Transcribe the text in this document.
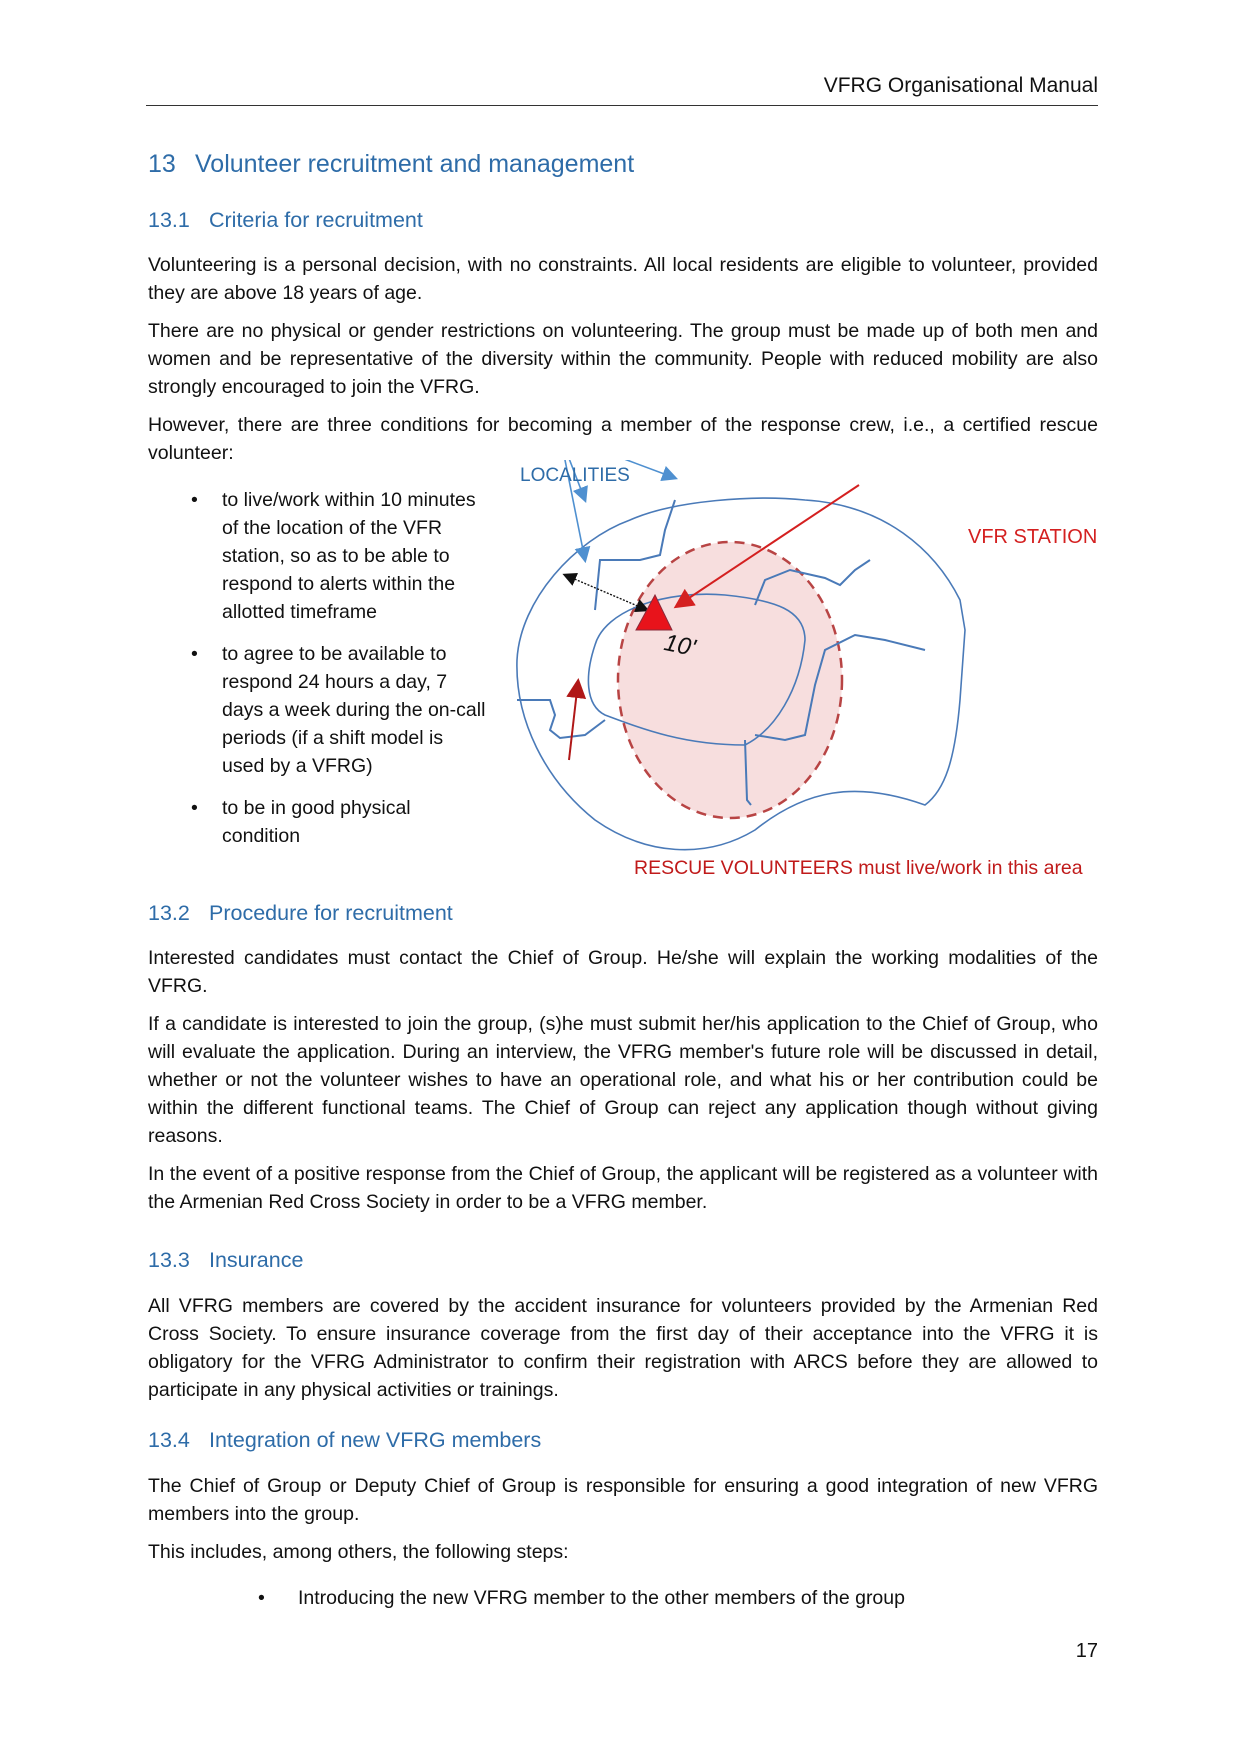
VFRG Organisational Manual
13 Volunteer recruitment and management
13.1 Criteria for recruitment
Volunteering is a personal decision, with no constraints. All local residents are eligible to volunteer, provided they are above 18 years of age.
There are no physical or gender restrictions on volunteering. The group must be made up of both men and women and be representative of the diversity within the community. People with reduced mobility are also strongly encouraged to join the VFRG.
However, there are three conditions for becoming a member of the response crew, i.e., a certified rescue volunteer:
• to live/work within 10 minutes of the location of the VFR station, so as to be able to respond to alerts within the allotted timeframe
• to agree to be available to respond 24 hours a day, 7 days a week during the on-call periods (if a shift model is used by a VFRG)
• to be in good physical condition
LOCALITIES
VFR STATION
10'
RESCUE VOLUNTEERS must live/work in this area
13.2 Procedure for recruitment
Interested candidates must contact the Chief of Group. He/she will explain the working modalities of the VFRG.
If a candidate is interested to join the group, (s)he must submit her/his application to the Chief of Group, who will evaluate the application. During an interview, the VFRG member's future role will be discussed in detail, whether or not the volunteer wishes to have an operational role, and what his or her contribution could be within the different functional teams. The Chief of Group can reject any application though without giving reasons.
In the event of a positive response from the Chief of Group, the applicant will be registered as a volunteer with the Armenian Red Cross Society in order to be a VFRG member.
13.3 Insurance
All VFRG members are covered by the accident insurance for volunteers provided by the Armenian Red Cross Society. To ensure insurance coverage from the first day of their acceptance into the VFRG it is obligatory for the VFRG Administrator to confirm their registration with ARCS before they are allowed to participate in any physical activities or trainings.
13.4 Integration of new VFRG members
The Chief of Group or Deputy Chief of Group is responsible for ensuring a good integration of new VFRG members into the group.
This includes, among others, the following steps:
• Introducing the new VFRG member to the other members of the group
17
